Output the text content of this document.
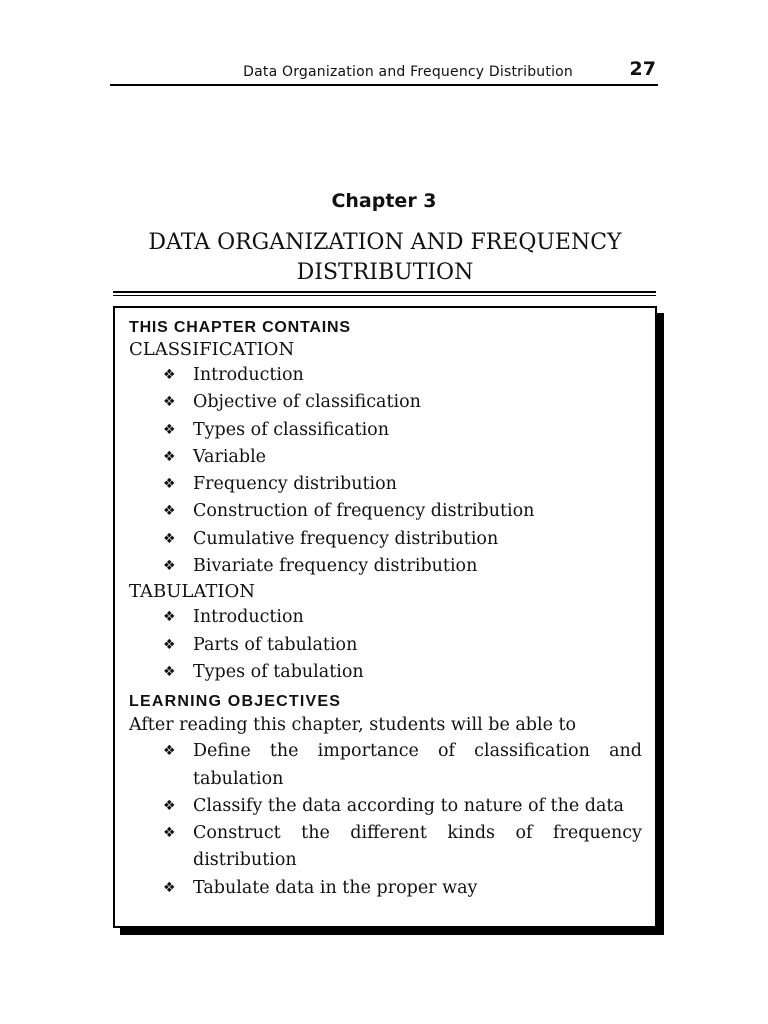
Data Organization and Frequency Distribution	27
Chapter 3
DATA ORGANIZATION AND FREQUENCY
DISTRIBUTION
THIS CHAPTER CONTAINS
CLASSIFICATION
❖ Introduction
❖ Objective of classification
❖ Types of classification
❖ Variable
❖ Frequency distribution
❖ Construction of frequency distribution
❖ Cumulative frequency distribution
❖ Bivariate frequency distribution
TABULATION
❖ Introduction
❖ Parts of tabulation
❖ Types of tabulation
LEARNING OBJECTIVES
After reading this chapter, students will be able to
❖ Define the importance of classification and tabulation
❖ Classify the data according to nature of the data
❖ Construct the different kinds of frequency distribution
❖ Tabulate data in the proper way
